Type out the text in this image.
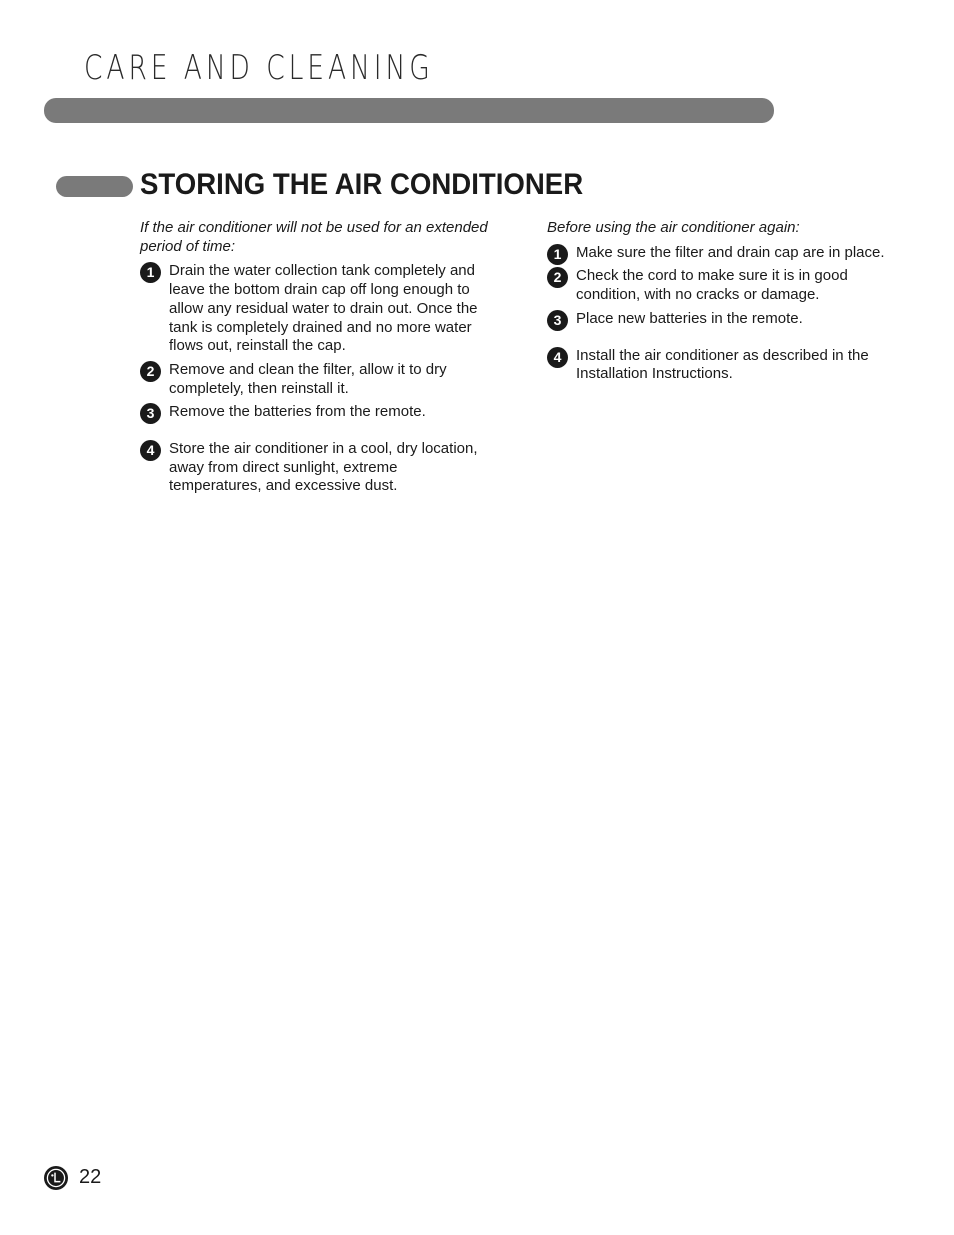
CARE AND CLEANING
STORING THE AIR CONDITIONER

If the air conditioner will not be used for an extended period of time:

1 Drain the water collection tank completely and leave the bottom drain cap off long enough to allow any residual water to drain out. Once the tank is completely drained and no more water flows out, reinstall the cap.
2 Remove and clean the filter, allow it to dry completely, then reinstall it.
3 Remove the batteries from the remote.
4 Store the air conditioner in a cool, dry location, away from direct sunlight, extreme temperatures, and excessive dust.

Before using the air conditioner again:

1 Make sure the filter and drain cap are in place.
2 Check the cord to make sure it is in good condition, with no cracks or damage.
3 Place new batteries in the remote.
4 Install the air conditioner as described in the Installation Instructions.
22
